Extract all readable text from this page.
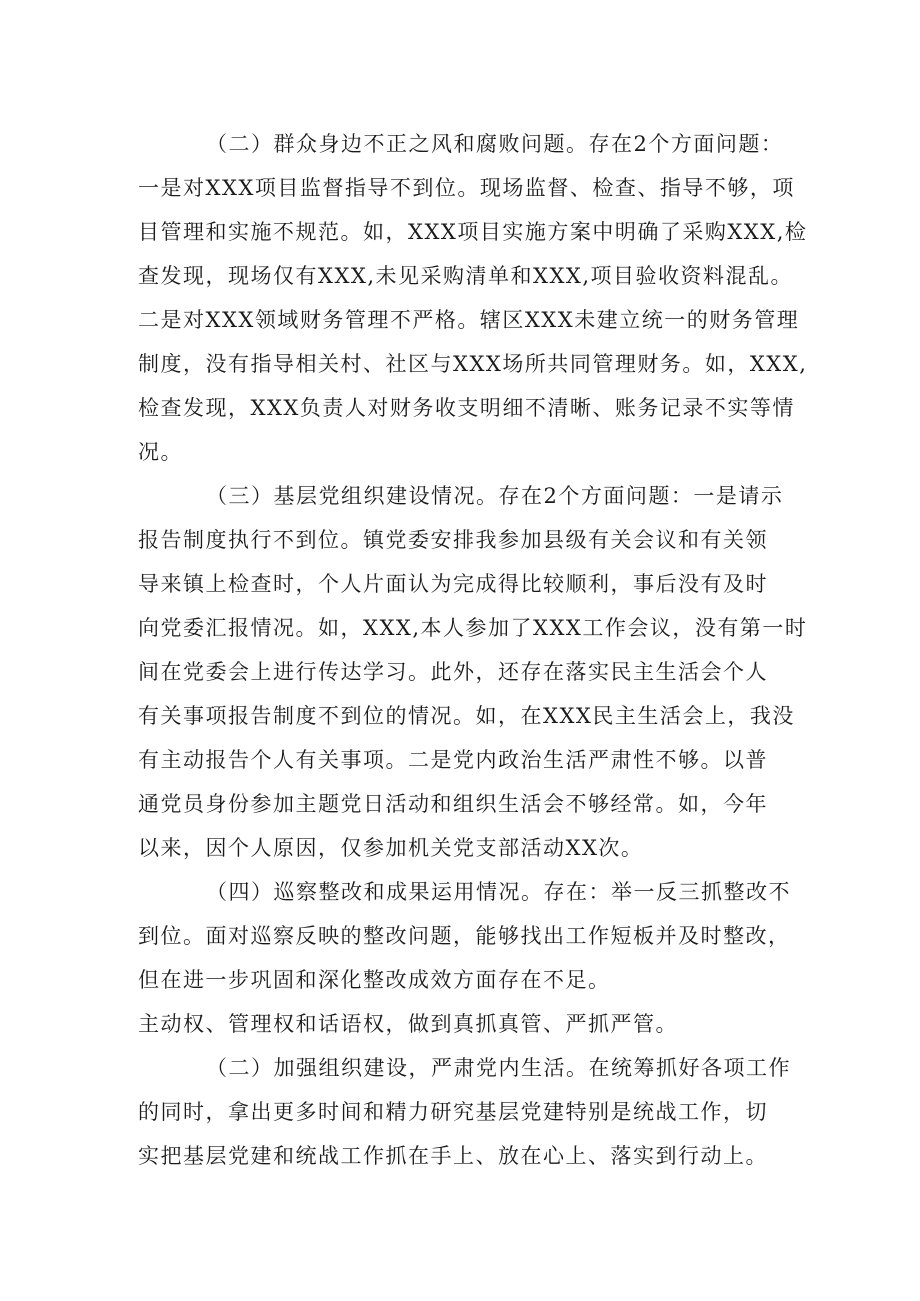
（二）群众身边不正之风和腐败问题。存在2个方面问题：
一是对XXX项目监督指导不到位。现场监督、检查、指导不够，项
目管理和实施不规范。如，XXX项目实施方案中明确了采购XXX,检
查发现，现场仅有XXX,未见采购清单和XXX,项目验收资料混乱。
二是对XXX领域财务管理不严格。辖区XXX未建立统一的财务管理
制度，没有指导相关村、社区与XXX场所共同管理财务。如，XXX,
检查发现，XXX负责人对财务收支明细不清晰、账务记录不实等情
况。
（三）基层党组织建设情况。存在2个方面问题：一是请示
报告制度执行不到位。镇党委安排我参加县级有关会议和有关领
导来镇上检查时，个人片面认为完成得比较顺利，事后没有及时
向党委汇报情况。如，XXX,本人参加了XXX工作会议，没有第一时
间在党委会上进行传达学习。此外，还存在落实民主生活会个人
有关事项报告制度不到位的情况。如，在XXX民主生活会上，我没
有主动报告个人有关事项。二是党内政治生活严肃性不够。以普
通党员身份参加主题党日活动和组织生活会不够经常。如，今年
以来，因个人原因，仅参加机关党支部活动XX次。
（四）巡察整改和成果运用情况。存在：举一反三抓整改不
到位。面对巡察反映的整改问题，能够找出工作短板并及时整改，
但在进一步巩固和深化整改成效方面存在不足。
主动权、管理权和话语权，做到真抓真管、严抓严管。
（二）加强组织建设，严肃党内生活。在统筹抓好各项工作
的同时，拿出更多时间和精力研究基层党建特别是统战工作，切
实把基层党建和统战工作抓在手上、放在心上、落实到行动上。
